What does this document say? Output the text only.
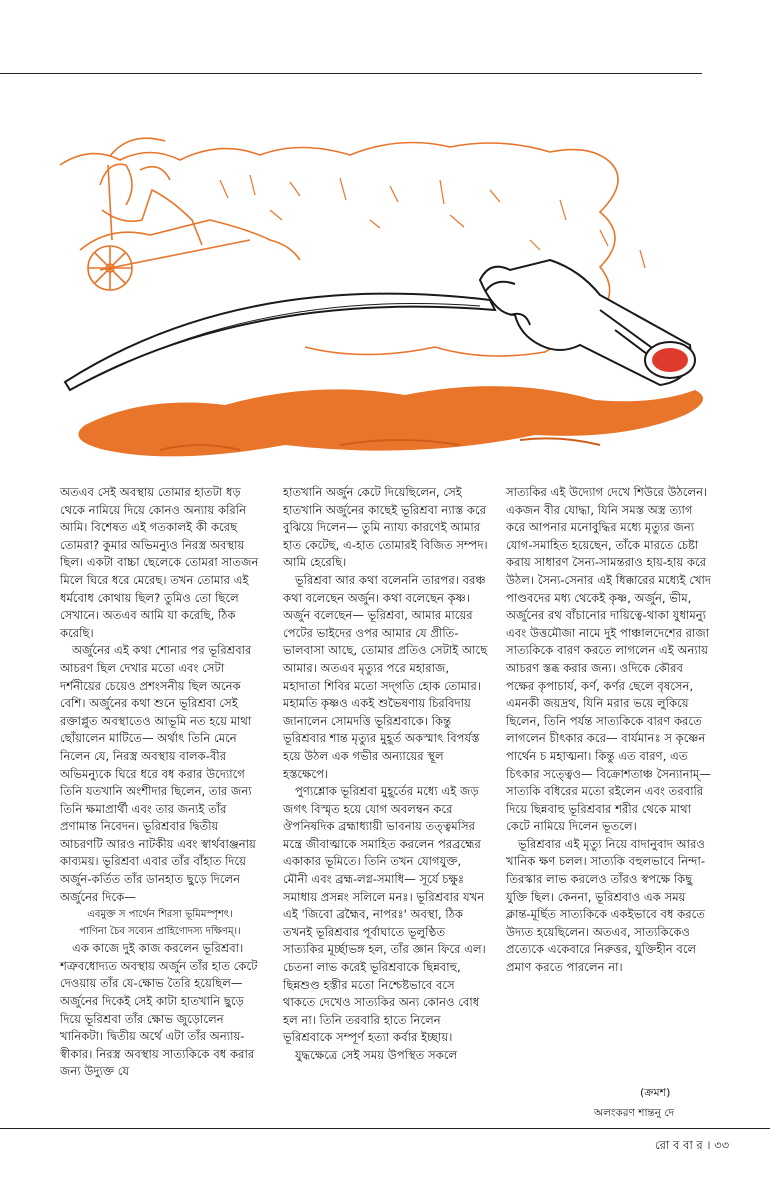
অতএব সেই অবস্থায় তোমার হাতটা ধড় থেকে নামিয়ে দিয়ে কোনও অন্যায় করিনি আমি। বিশেষত এই গতকালই কী করেছ তোমরা? কুমার অভিমন্যুও নিরস্ত্র অবস্থায় ছিল। একটা বাচ্চা ছেলেকে তোমরা সাতজন মিলে ঘিরে ধরে মেরেছ। তখন তোমার এই ধর্মবোধ কোথায় ছিল? তুমিও তো ছিলে সেখানে। অতএব আমি যা করেছি, ঠিক করেছি।

অর্জুনের এই কথা শোনার পর ভূরিশ্রবার আচরণ ছিল দেখার মতো এবং সেটা দর্শনীয়ের চেয়েও প্রশংসনীয় ছিল অনেক বেশি। অর্জুনের কথা শুনে ভূরিশ্রবা সেই রক্তাপ্লুত অবস্থাতেও আভূমি নত হয়ে মাথা ছোঁয়ালেন মাটিতে— অর্থাৎ তিনি মেনে নিলেন যে, নিরস্ত্র অবস্থায় বালক-বীর অভিমন্যুকে ঘিরে ধরে বধ করার উদ্যোগে তিনি যতখানি অংশীদার ছিলেন, তার জন্য তিনি ক্ষমাপ্রার্থী এবং তার জন্যই তাঁর প্রণামান্ত নিবেদন। ভূরিশ্রবার দ্বিতীয় আচরণটি আরও নাটকীয় এবং স্বার্থবাঞ্জনায় কাব্যময়। ভূরিশ্রবা এবার তাঁর বাঁহাত দিয়ে অর্জুন-কর্তিত তাঁর ডানহাত ছুড়ে দিলেন অর্জুনের দিকে—

এবমুক্ত স পার্থেন শিরসা ভূমিমস্পৃশৎ।

পাণিনা চৈব সব্যেন প্রাহিণোদস্য দক্ষিণম্।।

এক কাজে দুই কাজ করলেন ভূরিশ্রবা। শত্রুবধোদ্যত অবস্থায় অর্জুন তাঁর হাত কেটে দেওয়ায় তাঁর যে-ক্ষোভ তৈরি হয়েছিল— অর্জুনের দিকেই সেই কাটা হাতখানি ছুড়ে দিয়ে ভূরিশ্রবা তাঁর ক্ষোভ জুড়োলেন খানিকটা। দ্বিতীয় অর্থে এটা তাঁর অন্যায়-স্বীকার। নিরস্ত্র অবস্থায় সাত্যকিকে বধ করার জন্য উদ্যুক্ত যে

হাতখানি অর্জুন কেটে দিয়েছিলেন, সেই হাতখানি অর্জুনের কাছেই ভূরিশ্রবা ন্যাস্ত করে বুঝিয়ে দিলেন— তুমি ন্যায্য কারণেই আমার হাত কেটেছ, এ-হাত তোমারই বিজিত সম্পদ। আমি হেরেছি।

ভূরিশ্রবা আর কথা বলেননি তারপর। বরঞ্চ কথা বলেছেন অর্জুন। কথা বলেছেন কৃষ্ণ। অর্জুন বলেছেন— ভূরিশ্রবা, আমার মায়ের পেটের ভাইদের ওপর আমার যে প্রীতি-ভালবাসা আছে, তোমার প্রতিও সেটাই আছে আমার। অতএব মৃত্যুর পরে মহারাজ, মহাদাতা শিবির মতো সদ্‌গতি হোক তোমার। মহামতি কৃষ্ণও একই শুভৈষণায় চিরবিদায় জানালেন সোমদত্তি ভূরিশ্রবাকে। কিন্তু ভূরিশ্রবার শান্ত মৃত্যুর মুহূর্ত অকস্মাৎ বিপর্যস্ত হয়ে উঠল এক গভীর অন্যায়ের স্থূল হস্তক্ষেপে।

পুণ্যশ্লোক ভূরিশ্রবা মুহূর্তের মধ্যে এই জড় জগৎ বিস্মৃত হয়ে যোগ অবলম্বন করে ঔপনিষদিক ব্রহ্মাধ্যায়ী ভাবনায় তত্ত্বমসির মন্ত্রে জীবাত্মাকে সমাহিত করলেন পরব্রহ্মের একাকার ভূমিতে। তিনি তখন যোগযুক্ত, মৌনী এবং ব্রহ্ম-লগ্ন-সমাধি— সূর্যে চক্ষুঃ সমাধায় প্রসন্নং সলিলে মনঃ। ভূরিশ্রবার যখন এই 'জিবো ব্রহ্মৈব, নাপরঃ' অবস্থা, ঠিক তখনই ভূরিশ্রবার পূর্বাঘাতে ভূলুণ্ঠিত সাত্যকির মূর্চ্ছাভঙ্গ হল, তাঁর জ্ঞান ফিরে এল। চেতনা লাভ করেই ভূরিশ্রবাকে ছিন্নবাহু, ছিন্নশুণ্ড হস্তীর মতো নিশ্চেষ্টভাবে বসে থাকতে দেখেও সাত্যকির অন্য কোনও বোধ হল না। তিনি তরবারি হাতে নিলেন ভূরিশ্রবাকে সম্পূর্ণ হত্যা কর্বার ইচ্ছায়।

যুদ্ধক্ষেত্রে সেই সময় উপস্থিত সকলে

সাত্যকির এই উদ্যোগ দেখে শিউরে উঠলেন। একজন বীর যোদ্ধা, যিনি সমস্ত অস্ত্র ত্যাগ করে আপনার মনোবুদ্ধির মধ্যে মৃত্যুর জন্য যোগ-সমাহিত হয়েছেন, তাঁকে মারতে চেষ্টা করায় সাধারণ সৈন্য-সামন্তরাও হায়-হায় করে উঠল। সৈন্য-সেনার এই ধিক্কারের মধ্যেই খোদ পাণ্ডবদের মধ্য থেকেই কৃষ্ণ, অর্জুন, ভীম, অর্জুনের রথ বাঁচানোর দায়িত্বে-থাকা যুধামন্যু এবং উত্তমৌজা নামে দুই পাঞ্চালদেশের রাজা সাত্যকিকে বারণ করতে লাগলেন এই অন্যায় আচরণ স্তব্ধ করার জন্য। ওদিকে কৌরব পক্ষের কৃপাচার্য, কর্ণ, কর্ণর ছেলে বৃষসেন, এমনকী জয়দ্রথ, যিনি মরার ভয়ে লুকিয়ে ছিলেন, তিনি পর্যন্ত সাত্যকিকে বারণ করতে লাগলেন চীৎকার করে— বার্যমানঃ স কৃষ্ণেন পার্থেন চ মহাত্মনা। কিন্তু এত বারণ, এত চিৎকার সত্ত্বেও— বিক্রোশতাঞ্চ সৈন্যানাম্— সাত্যকি বধিরের মতো রইলেন এবং তরবারি দিয়ে ছিন্নবাহু ভূরিশ্রবার শরীর থেকে মাথা কেটে নামিয়ে দিলেন ভূতলে।

ভূরিশ্রবার এই মৃত্যু নিয়ে বাদানুবাদ আরও খানিক ক্ষণ চলল। সাত্যকি বহুলভাবে নিন্দা-তিরস্কার লাভ করলেও তাঁরও স্বপক্ষে কিছু যুক্তি ছিল। কেননা, ভূরিশ্রবাও এক সময় ক্লান্ত-মূর্ছিত সাত্যকিকে একইভাবে বধ করতে উদ্যত হয়েছিলেন। অতএব, সাত্যকিকেও প্রত্যেকে একেবারে নিরুত্তর, যুক্তিহীন বলে প্রমাণ করতে পারলেন না।

(ক্রমশ)
অলংকরণ শান্তনু দে
রো ব বা র । ৩৩
